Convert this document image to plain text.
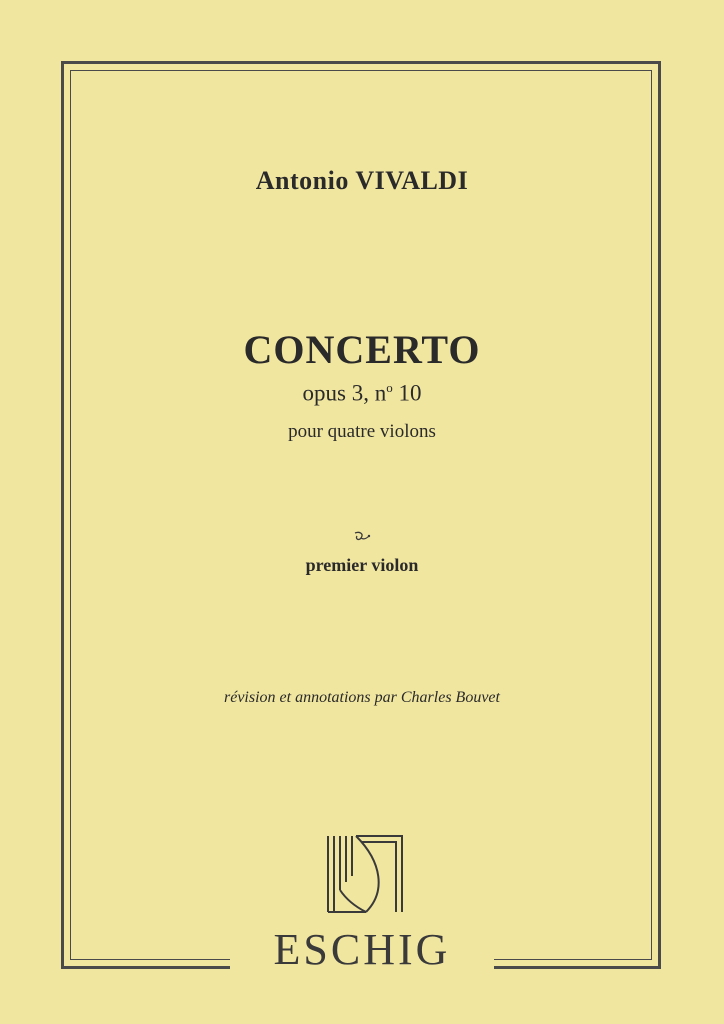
Antonio VIVALDI
CONCERTO
opus 3, $n^o$ 10
pour quatre violons
premier violon
révision et annotations par Charles Bouvet
ESCHIG
